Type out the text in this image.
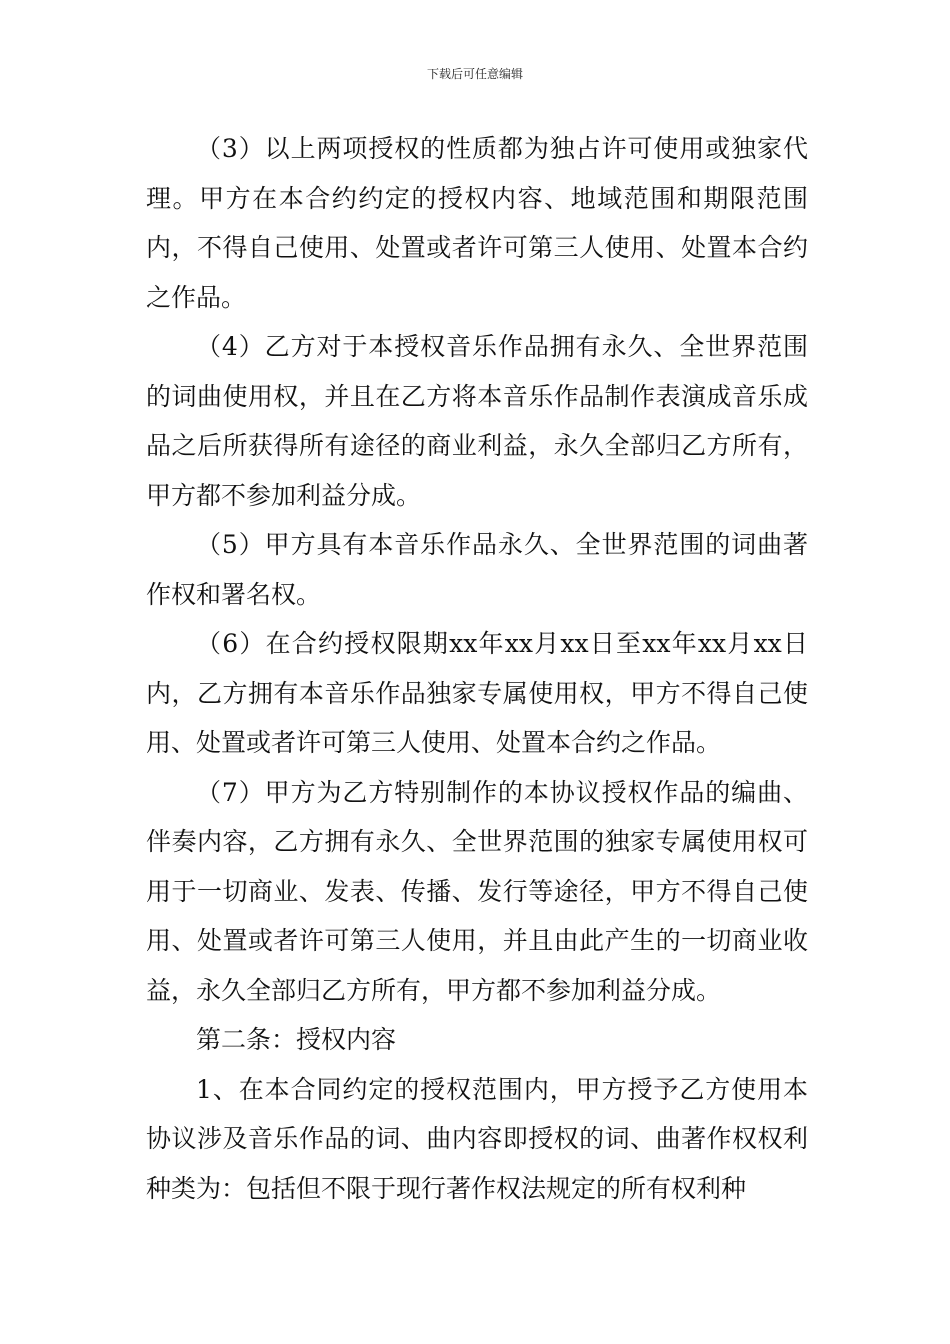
下载后可任意编辑

（3）以上两项授权的性质都为独占许可使用或独家代理。甲方在本合约约定的授权内容、地域范围和期限范围内，不得自己使用、处置或者许可第三人使用、处置本合约之作品。

（4）乙方对于本授权音乐作品拥有永久、全世界范围的词曲使用权，并且在乙方将本音乐作品制作表演成音乐成品之后所获得所有途径的商业利益，永久全部归乙方所有，甲方都不参加利益分成。

（5）甲方具有本音乐作品永久、全世界范围的词曲著作权和署名权。

（6）在合约授权限期xx年xx月xx日至xx年xx月xx日内，乙方拥有本音乐作品独家专属使用权，甲方不得自己使用、处置或者许可第三人使用、处置本合约之作品。

（7）甲方为乙方特别制作的本协议授权作品的编曲、伴奏内容，乙方拥有永久、全世界范围的独家专属使用权可用于一切商业、发表、传播、发行等途径，甲方不得自己使用、处置或者许可第三人使用，并且由此产生的一切商业收益，永久全部归乙方所有，甲方都不参加利益分成。

第二条：授权内容

1、在本合同约定的授权范围内，甲方授予乙方使用本协议涉及音乐作品的词、曲内容即授权的词、曲著作权权利种类为：包括但不限于现行著作权法规定的所有权利种
